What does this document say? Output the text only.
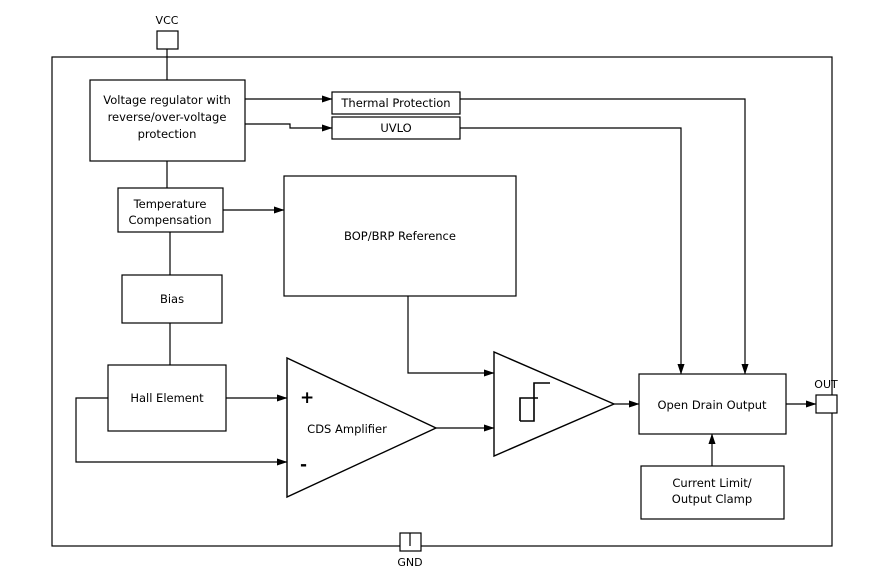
VCC
GND
OUT
Voltage regulator with
reverse/over-voltage
protection
Thermal Protection
UVLO
Temperature
Compensation
BOP/BRP Reference
Bias
Hall Element
CDS Amplifier
+
-
Open Drain Output
Current Limit/
Output Clamp
